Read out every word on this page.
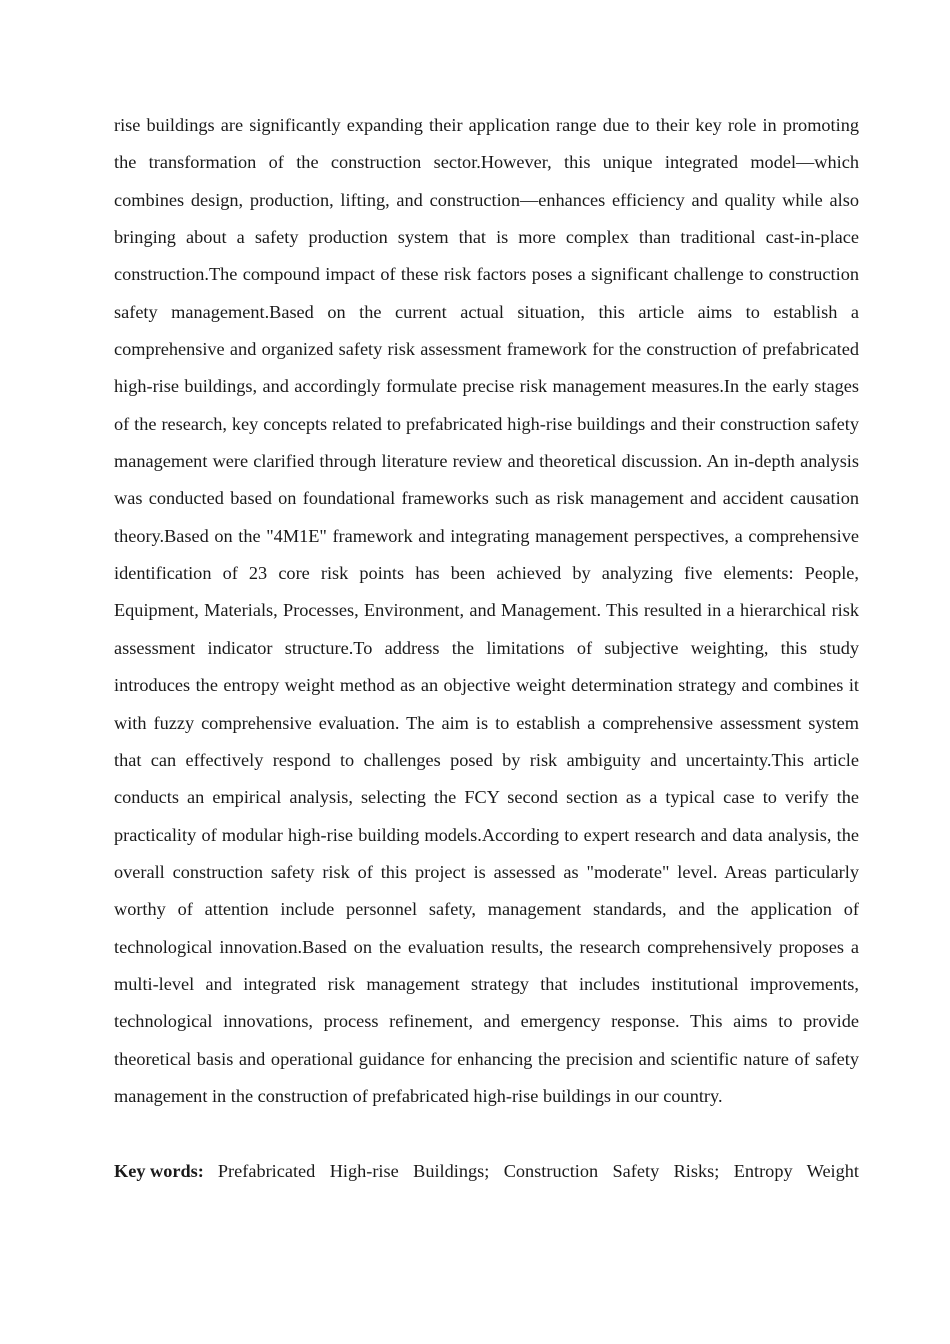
rise buildings are significantly expanding their application range due to their key role in promoting the transformation of the construction sector.However, this unique integrated model—which combines design, production, lifting, and construction—enhances efficiency and quality while also bringing about a safety production system that is more complex than traditional cast-in-place construction.The compound impact of these risk factors poses a significant challenge to construction safety management.Based on the current actual situation, this article aims to establish a comprehensive and organized safety risk assessment framework for the construction of prefabricated high-rise buildings, and accordingly formulate precise risk management measures.In the early stages of the research, key concepts related to prefabricated high-rise buildings and their construction safety management were clarified through literature review and theoretical discussion. An in-depth analysis was conducted based on foundational frameworks such as risk management and accident causation theory.Based on the "4M1E" framework and integrating management perspectives, a comprehensive identification of 23 core risk points has been achieved by analyzing five elements: People, Equipment, Materials, Processes, Environment, and Management. This resulted in a hierarchical risk assessment indicator structure.To address the limitations of subjective weighting, this study introduces the entropy weight method as an objective weight determination strategy and combines it with fuzzy comprehensive evaluation. The aim is to establish a comprehensive assessment system that can effectively respond to challenges posed by risk ambiguity and uncertainty.This article conducts an empirical analysis, selecting the FCY second section as a typical case to verify the practicality of modular high-rise building models.According to expert research and data analysis, the overall construction safety risk of this project is assessed as "moderate" level. Areas particularly worthy of attention include personnel safety, management standards, and the application of technological innovation.Based on the evaluation results, the research comprehensively proposes a multi-level and integrated risk management strategy that includes institutional improvements, technological innovations, process refinement, and emergency response. This aims to provide theoretical basis and operational guidance for enhancing the precision and scientific nature of safety management in the construction of prefabricated high-rise buildings in our country.

Key words: Prefabricated High-rise Buildings; Construction Safety Risks; Entropy Weight
